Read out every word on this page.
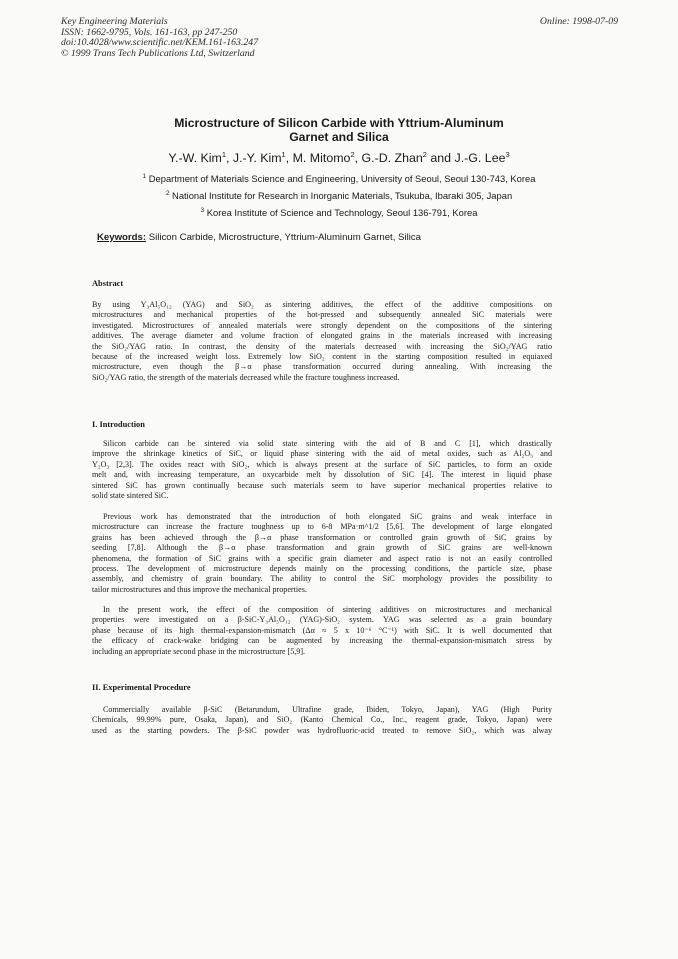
Key Engineering Materials
ISSN: 1662-9795, Vols. 161-163, pp 247-250
doi:10.4028/www.scientific.net/KEM.161-163.247
© 1999 Trans Tech Publications Ltd, Switzerland
Online: 1998-07-09
Microstructure of Silicon Carbide with Yttrium-Aluminum
Garnet and Silica
Y.-W. Kim$^1$, J.-Y. Kim$^1$, M. Mitomo$^2$, G.-D. Zhan$^2$ and J.-G. Lee$^3$
$^1$ Department of Materials Science and Engineering, University of Seoul, Seoul 130-743, Korea
$^2$ National Institute for Research in Inorganic Materials, Tsukuba, Ibaraki 305, Japan
$^3$ Korea Institute of Science and Technology, Seoul 136-791, Korea
Keywords: Silicon Carbide, Microstructure, Yttrium-Aluminum Garnet, Silica
Abstract
By using Y₃Al₅O₁₂ (YAG) and SiO₂ as sintering additives, the effect of the additive compositions on
microstructures and mechanical properties of the hot-pressed and subsequently annealed SiC materials were
investigated. Microstructures of annealed materials were strongly dependent on the compositions of the sintering
additives. The average diameter and volume fraction of elongated grains in the materials increased with increasing
the SiO₂/YAG ratio. In contrast, the density of the materials decreased with increasing the SiO₂/YAG ratio
because of the increased weight loss. Extremely low SiO₂ content in the starting composition resulted in equiaxed
microstructure, even though the β→α phase transformation occurred during annealing. With increasing the
SiO₂/YAG ratio, the strength of the materials decreased while the fracture toughness increased.
I. Introduction
Silicon carbide can be sintered via solid state sintering with the aid of B and C [1], which drastically
improve the shrinkage kinetics of SiC, or liquid phase sintering with the aid of metal oxides, such as Al₂O₃ and
Y₂O₃ [2,3]. The oxides react with SiO₂, which is always present at the surface of SiC particles, to form an oxide
melt and, with increasing temperature, an oxycarbide melt by dissolution of SiC [4]. The interest in liquid phase
sintered SiC has grown continually because such materials seem to have superior mechanical properties relative to
solid state sintered SiC.
Previous work has demonstrated that the introduction of both elongated SiC grains and weak interface in
microstructure can increase the fracture toughness up to 6-8 MPa·m^1/2 [5,6]. The development of large elongated
grains has been achieved through the β→α phase transformation or controlled grain growth of SiC grains by
seeding [7,8]. Although the β→α phase transformation and grain growth of SiC grains are well-known
phenomena, the formation of SiC grains with a specific grain diameter and aspect ratio is not an easily controlled
process. The development of microstructure depends mainly on the processing conditions, the particle size, phase
assembly, and chemistry of grain boundary. The ability to control the SiC morphology provides the possibility to
tailor microstructures and thus improve the mechanical properties.
In the present work, the effect of the composition of sintering additives on microstructures and mechanical
properties were investigated on a β-SiC-Y₃Al₅O₁₂ (YAG)-SiO₂ system. YAG was selected as a grain boundary
phase because of its high thermal-expansion-mismatch (Δα ≈ 5 x 10⁻⁶ °C⁻¹) with SiC. It is well documented that
the efficacy of crack-wake bridging can be augmented by increasing the thermal-expansion-mismatch stress by
including an appropriate second phase in the microstructure [5,9].
II. Experimental Procedure
Commercially available β-SiC (Betarundum, Ultrafine grade, Ibiden, Tokyo, Japan), YAG (High Purity
Chemicals, 99.99% pure, Osaka, Japan), and SiO₂ (Kanto Chemical Co., Inc., reagent grade, Tokyo, Japan) were
used as the starting powders. The β-SiC powder was hydrofluoric-acid treated to remove SiO₂, which was alway
